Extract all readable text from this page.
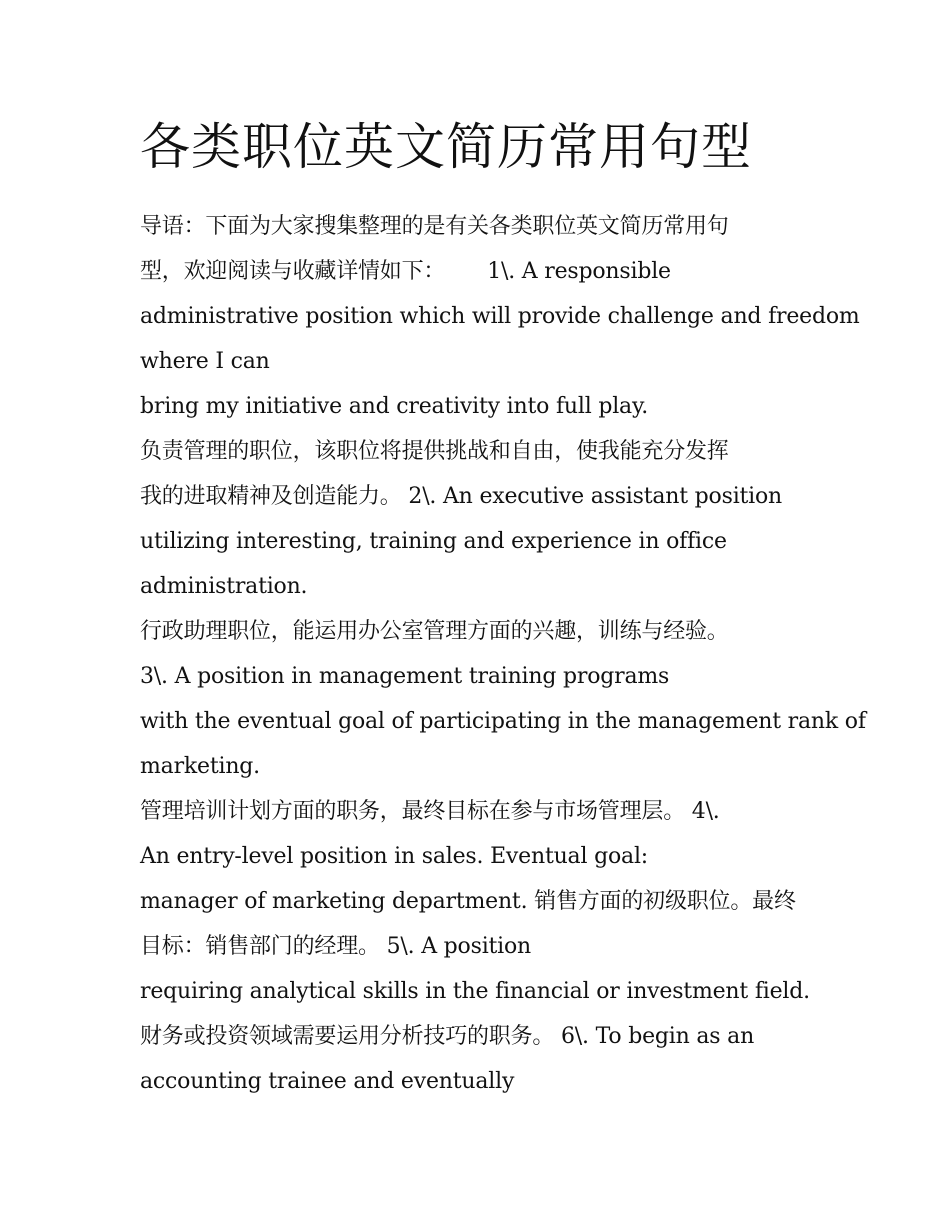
各类职位英文简历常用句型
导语：下面为大家搜集整理的是有关各类职位英文简历常用句
型，欢迎阅读与收藏详情如下： 1\. A responsible
administrative position which will provide challenge and freedom
where I can
bring my initiative and creativity into full play.
负责管理的职位，该职位将提供挑战和自由，使我能充分发挥
我的进取精神及创造能力。 2\. An executive assistant position
utilizing interesting, training and experience in office
administration.
行政助理职位，能运用办公室管理方面的兴趣，训练与经验。
3\. A position in management training programs
with the eventual goal of participating in the management rank of
marketing.
管理培训计划方面的职务，最终目标在参与市场管理层。 4\.
An entry-level position in sales. Eventual goal:
manager of marketing department. 销售方面的初级职位。最终
目标：销售部门的经理。 5\. A position
requiring analytical skills in the financial or investment field.
财务或投资领域需要运用分析技巧的职务。 6\. To begin as an
accounting trainee and eventually
